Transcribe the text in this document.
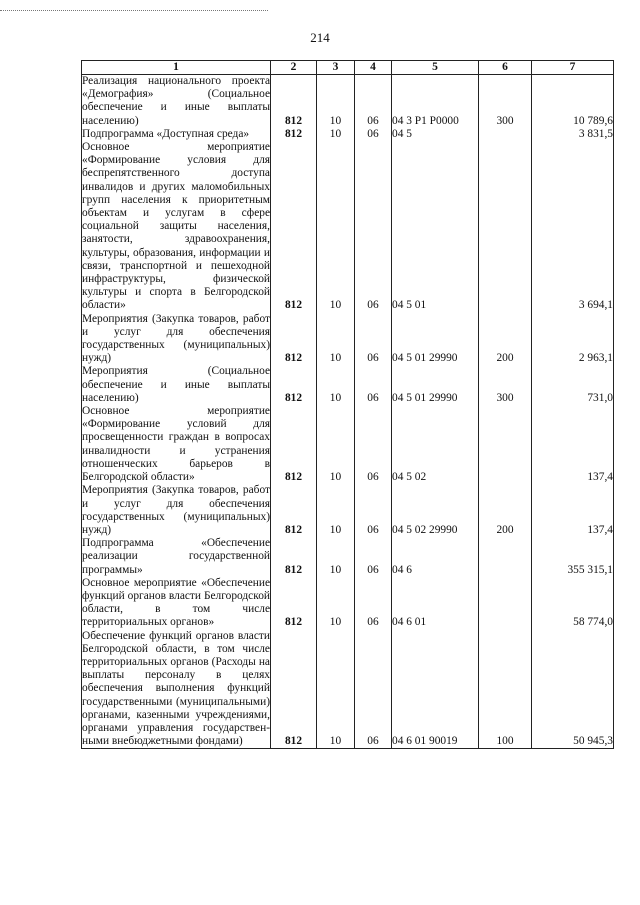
214
1	2	3	4	5	6	7
Реализация национального проекта «Демография» (Социальное обеспечение и иные выплаты населению)	812	10	06	04 3 P1 P0000	300	10 789,6
Подпрограмма «Доступная среда»	812	10	06	04 5		3 831,5
Основное мероприятие «Формирование условия для беспрепятственного доступа инвалидов и других маломобильных групп населения к приоритетным объектам и услугам в сфере социальной защиты населения, занятости, здравоохранения, культуры, образования, информации и связи, транспортной и пешеходной инфраструктуры, физической культуры и спорта в Белгородской области»	812	10	06	04 5 01		3 694,1
Мероприятия (Закупка товаров, работ и услуг для обеспечения государственных (муниципальных) нужд)	812	10	06	04 5 01 29990	200	2 963,1
Мероприятия (Социальное обеспечение и иные выплаты населению)	812	10	06	04 5 01 29990	300	731,0
Основное мероприятие «Формирование условий для просвещенности граждан в вопросах инвалидности и устранения отношенческих барьеров в Белгородской области»	812	10	06	04 5 02		137,4
Мероприятия (Закупка товаров, работ и услуг для обеспечения государственных (муниципальных) нужд)	812	10	06	04 5 02 29990	200	137,4
Подпрограмма «Обеспечение реализации государственной программы»	812	10	06	04 6		355 315,1
Основное мероприятие «Обеспечение функций органов власти Белгородской области, в том числе территориальных органов»	812	10	06	04 6 01		58 774,0
Обеспечение функций органов власти Белгородской области, в том числе территориальных органов (Расходы на выплаты персоналу в целях обеспечения выполнения функций государственными (муниципальными) органами, казенными учреждениями, органами управления государствен-ными внебюджетными фондами)	812	10	06	04 6 01 90019	100	50 945,3
